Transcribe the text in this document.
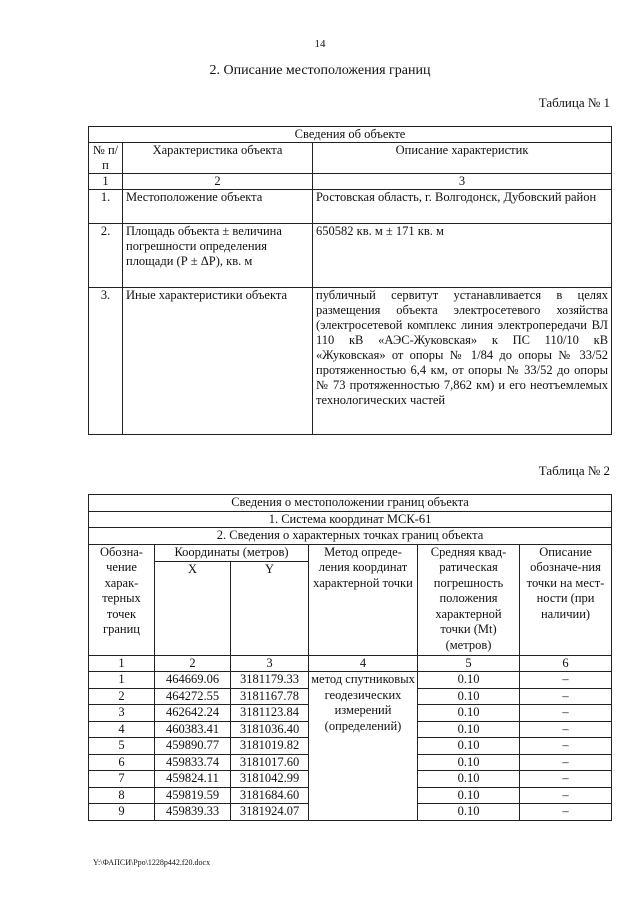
14
2. Описание местоположения границ
Таблица № 1
Сведения об объекте		
№ п/п	Характеристика объекта	Описание характеристик
1	2	3
1.	Местоположение объекта	Ростовская область, г. Волгодонск, Дубовский район
2.	Площадь объекта ± величина погрешности определения площади (Р ± ΔР), кв. м	650582 кв. м ± 171 кв. м
3.	Иные характеристики объекта	публичный сервитут устанавливается в целях размещения объекта электросетевого хозяйства (электросетевой комплекс линия электропередачи ВЛ 110 кВ «АЭС-Жуковская» к ПС 110/10 кВ «Жуковская» от опоры № 1/84 до опоры № 33/52 протяженностью 6,4 км, от опоры № 33/52 до опоры № 73 протяженностью 7,862 км) и его неотъемлемых технологических частей
Таблица № 2
Сведения о местоположении границ объекта					
1. Система координат МСК-61					
2. Сведения о характерных точках границ объекта					
Обозна-чение харак-терных точек границ	Координаты (метров)		Метод опреде-ления координат характерной точки	Средняя квад-ратическая погрешность положения характерной точки (Мt) (метров)	Описание обозначе-ния точки на мест-ности (при наличии)
	X	Y			
1	2	3	4	5	6
1	464669.06	3181179.33	метод спутниковых геодезических измерений (определений)	0.10	–
2	464272.55	3181167.78		0.10	–
3	462642.24	3181123.84		0.10	–
4	460383.41	3181036.40		0.10	–
5	459890.77	3181019.82		0.10	–
6	459833.74	3181017.60		0.10	–
7	459824.11	3181042.99		0.10	–
8	459819.59	3181684.60		0.10	–
9	459839.33	3181924.07		0.10	–
Y:\ФАПСИ\Рро\1228р442.f20.docx
